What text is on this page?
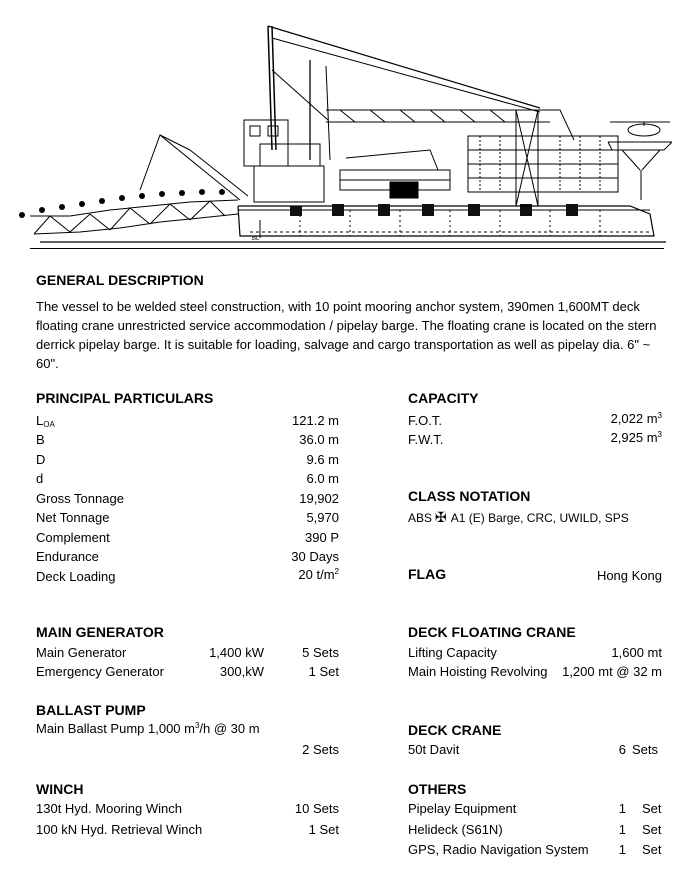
BL
GENERAL DESCRIPTION
The vessel to be welded steel construction, with 10 point mooring anchor system, 390men 1,600MT deck floating crane unrestricted service accommodation / pipelay barge. The floating crane is located on the stern derrick pipelay barge. It is suitable for loading, salvage and cargo transportation as well as pipelay dia. 6" ~ 60".
PRINCIPAL PARTICULARS
$L_{OA}$	121.2 m
B	36.0 m
D	9.6 m
d	6.0 m
Gross Tonnage	19,902
Net Tonnage	5,970
Complement	390 P
Endurance	30 Days
Deck Loading	20 $t/m^2$
CAPACITY
F.O.T.	2,022 $m^3$
F.W.T.	2,925 $m^3$
CLASS NOTATION
ABS ✠ A1 (E) Barge, CRC, UWILD, SPS
FLAG	Hong Kong
MAIN GENERATOR
Main Generator	1,400 kW	5 Sets
Emergency Generator	300,kW	1 Set
DECK FLOATING CRANE
Lifting Capacity	1,600 mt
Main Hoisting Revolving	1,200 mt @ 32 m
BALLAST PUMP
Main Ballast Pump 1,000 $m^3/h$ @ 30 m
2 Sets
DECK CRANE
50t Davit	6 Sets
WINCH
130t Hyd. Mooring Winch	10 Sets
100 kN Hyd. Retrieval Winch	1 Set
OTHERS
Pipelay Equipment	1 Set
Helideck (S61N)	1 Set
GPS, Radio Navigation System	1 Set
